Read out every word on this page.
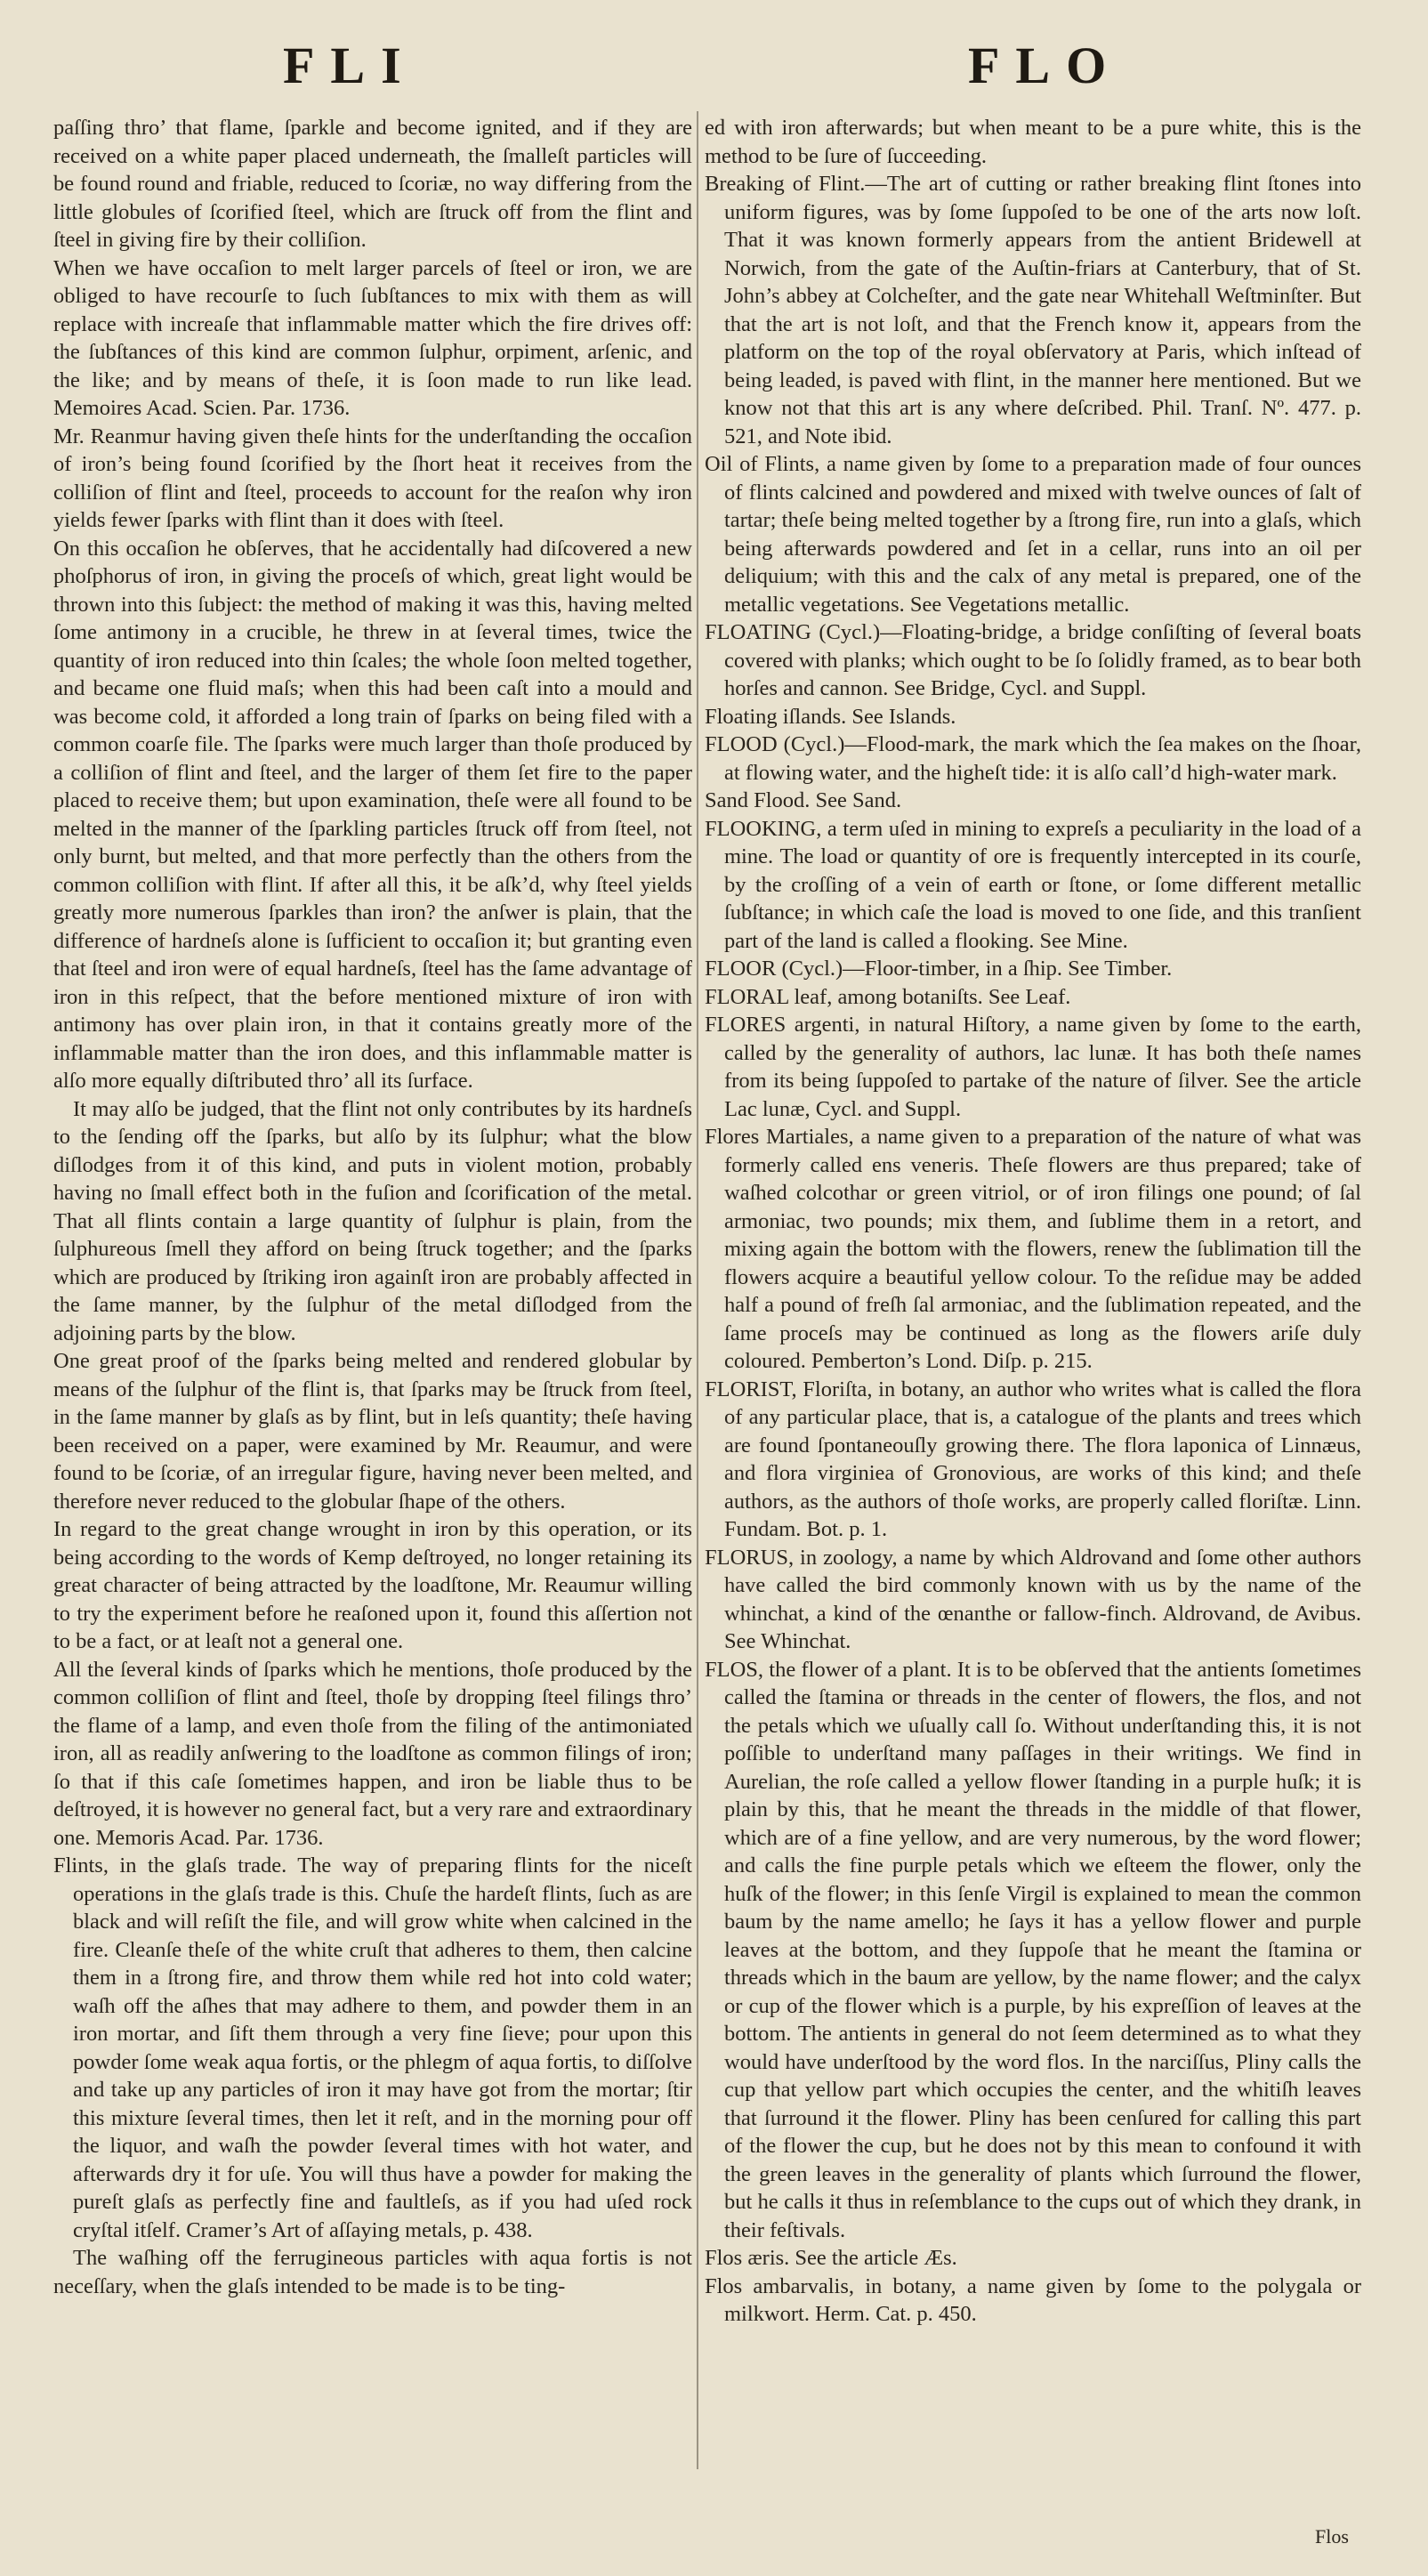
FLI	FLO

paſſing thro’ that flame, ſparkle and become ignited, and if they are received on a white paper placed underneath, the ſmalleſt particles will be found round and friable, reduced to ſcoriæ, no way differing from the little globules of ſcorified ſteel, which are ſtruck off from the flint and ſteel in giving fire by their colliſion.

When we have occaſion to melt larger parcels of ſteel or iron, we are obliged to have recourſe to ſuch ſubſtances to mix with them as will replace with increaſe that inflammable matter which the fire drives off: the ſubſtances of this kind are common ſulphur, orpiment, arſenic, and the like; and by means of theſe, it is ſoon made to run like lead. Memoires Acad. Scien. Par. 1736.

Mr. Reanmur having given theſe hints for the underſtanding the occaſion of iron’s being found ſcorified by the ſhort heat it receives from the colliſion of flint and ſteel, proceeds to account for the reaſon why iron yields fewer ſparks with flint than it does with ſteel.

On this occaſion he obſerves, that he accidentally had diſcovered a new phoſphorus of iron, in giving the proceſs of which, great light would be thrown into this ſubject: the method of making it was this, having melted ſome antimony in a crucible, he threw in at ſeveral times, twice the quantity of iron reduced into thin ſcales; the whole ſoon melted together, and became one fluid maſs; when this had been caſt into a mould and was become cold, it afforded a long train of ſparks on being filed with a common coarſe file. The ſparks were much larger than thoſe produced by a colliſion of flint and ſteel, and the larger of them ſet fire to the paper placed to receive them; but upon examination, theſe were all found to be melted in the manner of the ſparkling particles ſtruck off from ſteel, not only burnt, but melted, and that more perfectly than the others from the common colliſion with flint. If after all this, it be aſk’d, why ſteel yields greatly more numerous ſparkles than iron? the anſwer is plain, that the difference of hardneſs alone is ſufficient to occaſion it; but granting even that ſteel and iron were of equal hardneſs, ſteel has the ſame advantage of iron in this reſpect, that the before mentioned mixture of iron with antimony has over plain iron, in that it contains greatly more of the inflammable matter than the iron does, and this inflammable matter is alſo more equally diſtributed thro’ all its ſurface.

It may alſo be judged, that the flint not only contributes by its hardneſs to the ſending off the ſparks, but alſo by its ſulphur; what the blow diſlodges from it of this kind, and puts in violent motion, probably having no ſmall effect both in the fuſion and ſcorification of the metal. That all flints contain a large quantity of ſulphur is plain, from the ſulphureous ſmell they afford on being ſtruck together; and the ſparks which are produced by ſtriking iron againſt iron are probably affected in the ſame manner, by the ſulphur of the metal diſlodged from the adjoining parts by the blow.

One great proof of the ſparks being melted and rendered globular by means of the ſulphur of the flint is, that ſparks may be ſtruck from ſteel, in the ſame manner by glaſs as by flint, but in leſs quantity; theſe having been received on a paper, were examined by Mr. Reaumur, and were found to be ſcoriæ, of an irregular figure, having never been melted, and therefore never reduced to the globular ſhape of the others.

In regard to the great change wrought in iron by this operation, or its being according to the words of Kemp deſtroyed, no longer retaining its great character of being attracted by the loadſtone, Mr. Reaumur willing to try the experiment before he reaſoned upon it, found this aſſertion not to be a fact, or at leaſt not a general one.

All the ſeveral kinds of ſparks which he mentions, thoſe produced by the common colliſion of flint and ſteel, thoſe by dropping ſteel filings thro’ the flame of a lamp, and even thoſe from the filing of the antimoniated iron, all as readily anſwering to the loadſtone as common filings of iron; ſo that if this caſe ſometimes happen, and iron be liable thus to be deſtroyed, it is however no general fact, but a very rare and extraordinary one. Memoris Acad. Par. 1736.

Flints, in the glaſs trade. The way of preparing flints for the niceſt operations in the glaſs trade is this. Chuſe the hardeſt flints, ſuch as are black and will reſiſt the file, and will grow white when calcined in the fire. Cleanſe theſe of the white cruſt that adheres to them, then calcine them in a ſtrong fire, and throw them while red hot into cold water; waſh off the aſhes that may adhere to them, and powder them in an iron mortar, and ſift them through a very fine ſieve; pour upon this powder ſome weak aqua fortis, or the phlegm of aqua fortis, to diſſolve and take up any particles of iron it may have got from the mortar; ſtir this mixture ſeveral times, then let it reſt, and in the morning pour off the liquor, and waſh the powder ſeveral times with hot water, and afterwards dry it for uſe. You will thus have a powder for making the pureſt glaſs as perfectly fine and faultleſs, as if you had uſed rock cryſtal itſelf. Cramer’s Art of aſſaying metals, p. 438.

The waſhing off the ferrugineous particles with aqua fortis is not neceſſary, when the glaſs intended to be made is to be ting-

ed with iron afterwards; but when meant to be a pure white, this is the method to be ſure of ſucceeding.

Breaking of Flint.—The art of cutting or rather breaking flint ſtones into uniform figures, was by ſome ſuppoſed to be one of the arts now loſt. That it was known formerly appears from the antient Bridewell at Norwich, from the gate of the Auſtin-friars at Canterbury, that of St. John’s abbey at Colcheſter, and the gate near Whitehall Weſtminſter. But that the art is not loſt, and that the French know it, appears from the platform on the top of the royal obſervatory at Paris, which inſtead of being leaded, is paved with flint, in the manner here mentioned. But we know not that this art is any where deſcribed. Phil. Tranſ. Nº. 477. p. 521, and Note ibid.

Oil of Flints, a name given by ſome to a preparation made of four ounces of flints calcined and powdered and mixed with twelve ounces of ſalt of tartar; theſe being melted together by a ſtrong fire, run into a glaſs, which being afterwards powdered and ſet in a cellar, runs into an oil per deliquium; with this and the calx of any metal is prepared, one of the metallic vegetations. See Vegetations metallic.

FLOATING (Cycl.)—Floating-bridge, a bridge conſiſting of ſeveral boats covered with planks; which ought to be ſo ſolidly framed, as to bear both horſes and cannon. See Bridge, Cycl. and Suppl.

Floating iſlands. See Islands.

FLOOD (Cycl.)—Flood-mark, the mark which the ſea makes on the ſhoar, at flowing water, and the higheſt tide: it is alſo call’d high-water mark.

Sand Flood. See Sand.

FLOOKING, a term uſed in mining to expreſs a peculiarity in the load of a mine. The load or quantity of ore is frequently intercepted in its courſe, by the croſſing of a vein of earth or ſtone, or ſome different metallic ſubſtance; in which caſe the load is moved to one ſide, and this tranſient part of the land is called a flooking. See Mine.

FLOOR (Cycl.)—Floor-timber, in a ſhip. See Timber.

FLORAL leaf, among botaniſts. See Leaf.

FLORES argenti, in natural Hiſtory, a name given by ſome to the earth, called by the generality of authors, lac lunæ. It has both theſe names from its being ſuppoſed to partake of the nature of ſilver. See the article Lac lunæ, Cycl. and Suppl.

Flores Martiales, a name given to a preparation of the nature of what was formerly called ens veneris. Theſe flowers are thus prepared; take of waſhed colcothar or green vitriol, or of iron filings one pound; of ſal armoniac, two pounds; mix them, and ſublime them in a retort, and mixing again the bottom with the flowers, renew the ſublimation till the flowers acquire a beautiful yellow colour. To the reſidue may be added half a pound of freſh ſal armoniac, and the ſublimation repeated, and the ſame proceſs may be continued as long as the flowers ariſe duly coloured. Pemberton’s Lond. Diſp. p. 215.

FLORIST, Floriſta, in botany, an author who writes what is called the flora of any particular place, that is, a catalogue of the plants and trees which are found ſpontaneouſly growing there. The flora laponica of Linnæus, and flora virginiea of Gronovious, are works of this kind; and theſe authors, as the authors of thoſe works, are properly called floriſtæ. Linn. Fundam. Bot. p. 1.

FLORUS, in zoology, a name by which Aldrovand and ſome other authors have called the bird commonly known with us by the name of the whinchat, a kind of the œnanthe or fallow-finch. Aldrovand, de Avibus. See Whinchat.

FLOS, the flower of a plant. It is to be obſerved that the antients ſometimes called the ſtamina or threads in the center of flowers, the flos, and not the petals which we uſually call ſo. Without underſtanding this, it is not poſſible to underſtand many paſſages in their writings. We find in Aurelian, the roſe called a yellow flower ſtanding in a purple huſk; it is plain by this, that he meant the threads in the middle of that flower, which are of a fine yellow, and are very numerous, by the word flower; and calls the fine purple petals which we eſteem the flower, only the huſk of the flower; in this ſenſe Virgil is explained to mean the common baum by the name amello; he ſays it has a yellow flower and purple leaves at the bottom, and they ſuppoſe that he meant the ſtamina or threads which in the baum are yellow, by the name flower; and the calyx or cup of the flower which is a purple, by his expreſſion of leaves at the bottom. The antients in general do not ſeem determined as to what they would have underſtood by the word flos. In the narciſſus, Pliny calls the cup that yellow part which occupies the center, and the whitiſh leaves that ſurround it the flower. Pliny has been cenſured for calling this part of the flower the cup, but he does not by this mean to confound it with the green leaves in the generality of plants which ſurround the flower, but he calls it thus in reſemblance to the cups out of which they drank, in their feſtivals.

Flos æris. See the article Æs.

Flos ambarvalis, in botany, a name given by ſome to the polygala or milkwort. Herm. Cat. p. 450.

Flos
